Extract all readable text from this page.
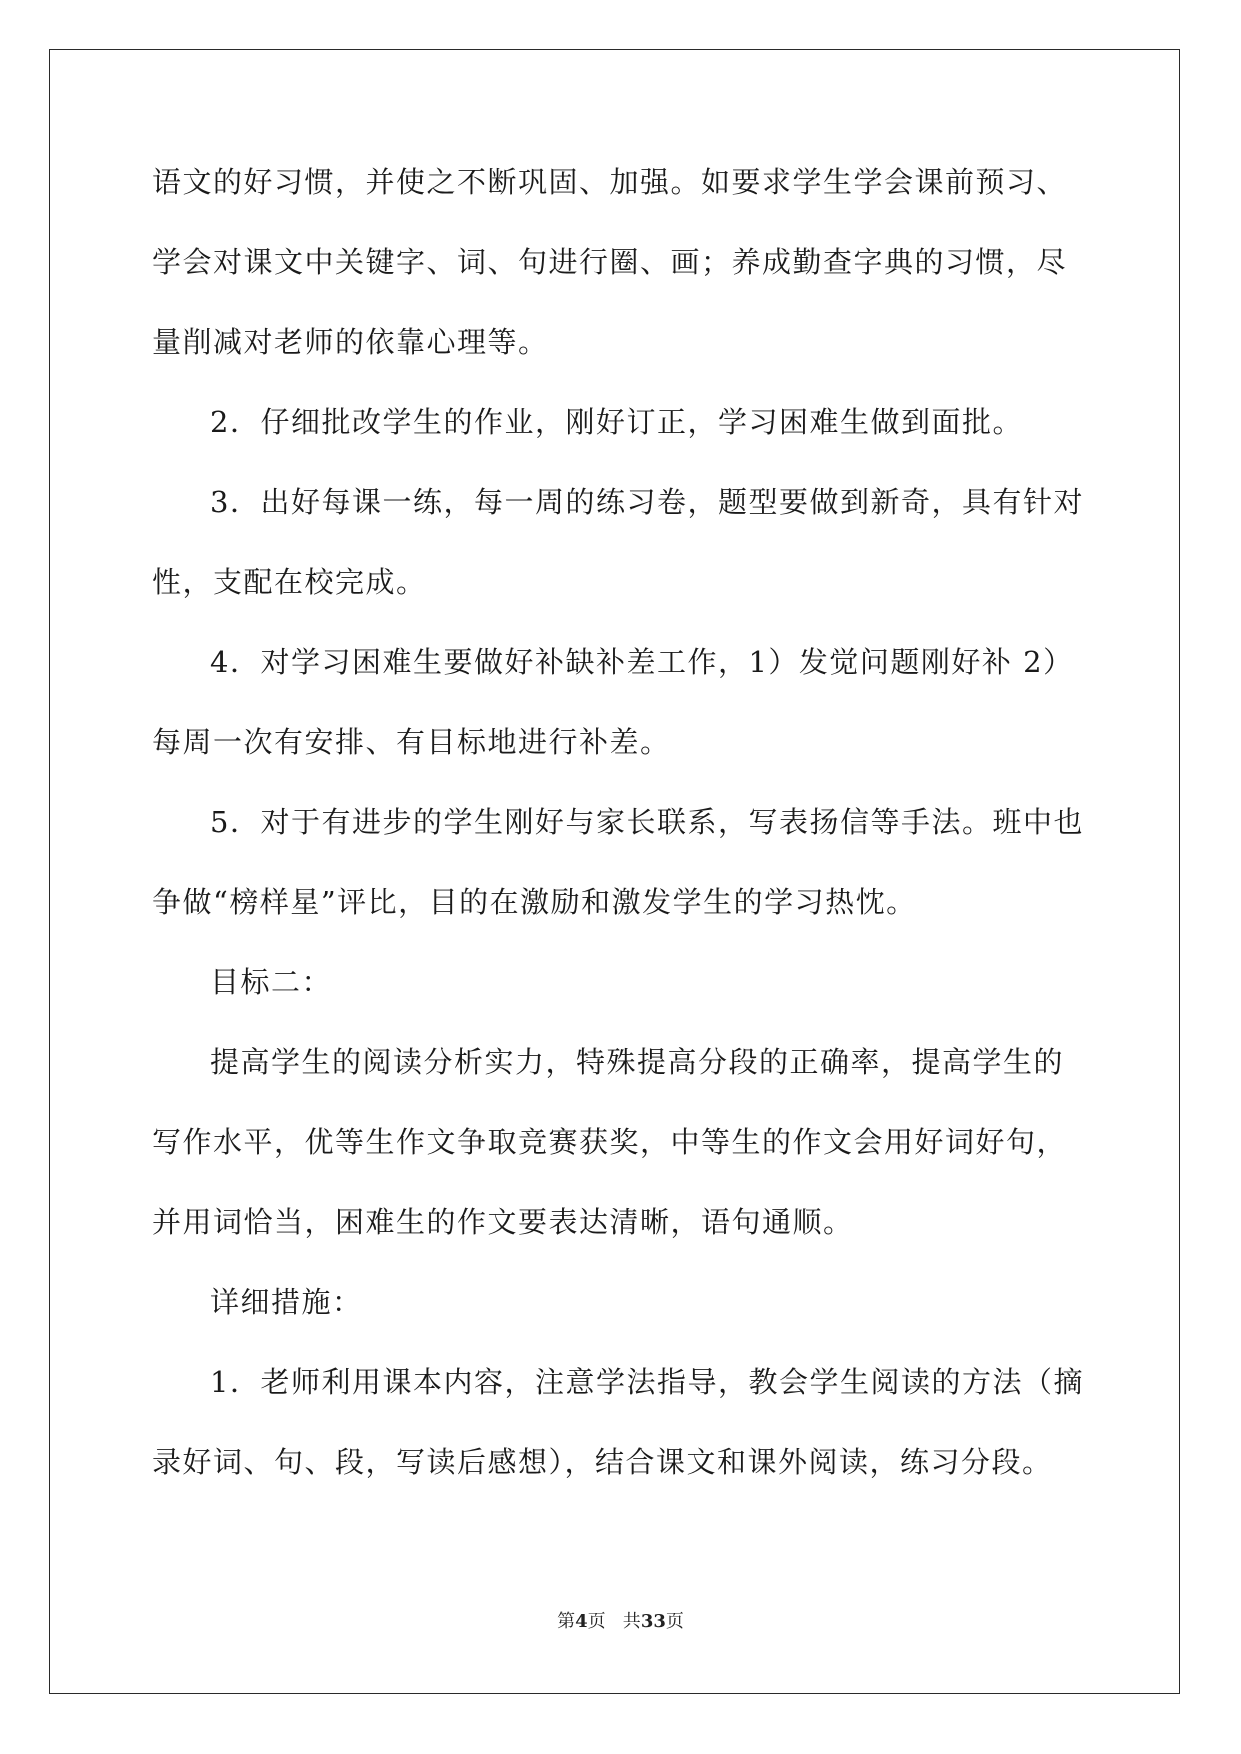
语文的好习惯，并使之不断巩固、加强。如要求学生学会课前预习、
学会对课文中关键字、词、句进行圈、画；养成勤查字典的习惯，尽
量削减对老师的依靠心理等。
2．仔细批改学生的作业，刚好订正，学习困难生做到面批。
3．出好每课一练，每一周的练习卷，题型要做到新奇，具有针对
性，支配在校完成。
4．对学习困难生要做好补缺补差工作，1）发觉问题刚好补 2）
每周一次有安排、有目标地进行补差。
5．对于有进步的学生刚好与家长联系，写表扬信等手法。班中也
争做“榜样星”评比，目的在激励和激发学生的学习热忱。
目标二：
提高学生的阅读分析实力，特殊提高分段的正确率，提高学生的
写作水平，优等生作文争取竞赛获奖，中等生的作文会用好词好句，
并用词恰当，困难生的作文要表达清晰，语句通顺。
详细措施：
1．老师利用课本内容，注意学法指导，教会学生阅读的方法（摘
录好词、句、段，写读后感想），结合课文和课外阅读，练习分段。
第4页   共33页
